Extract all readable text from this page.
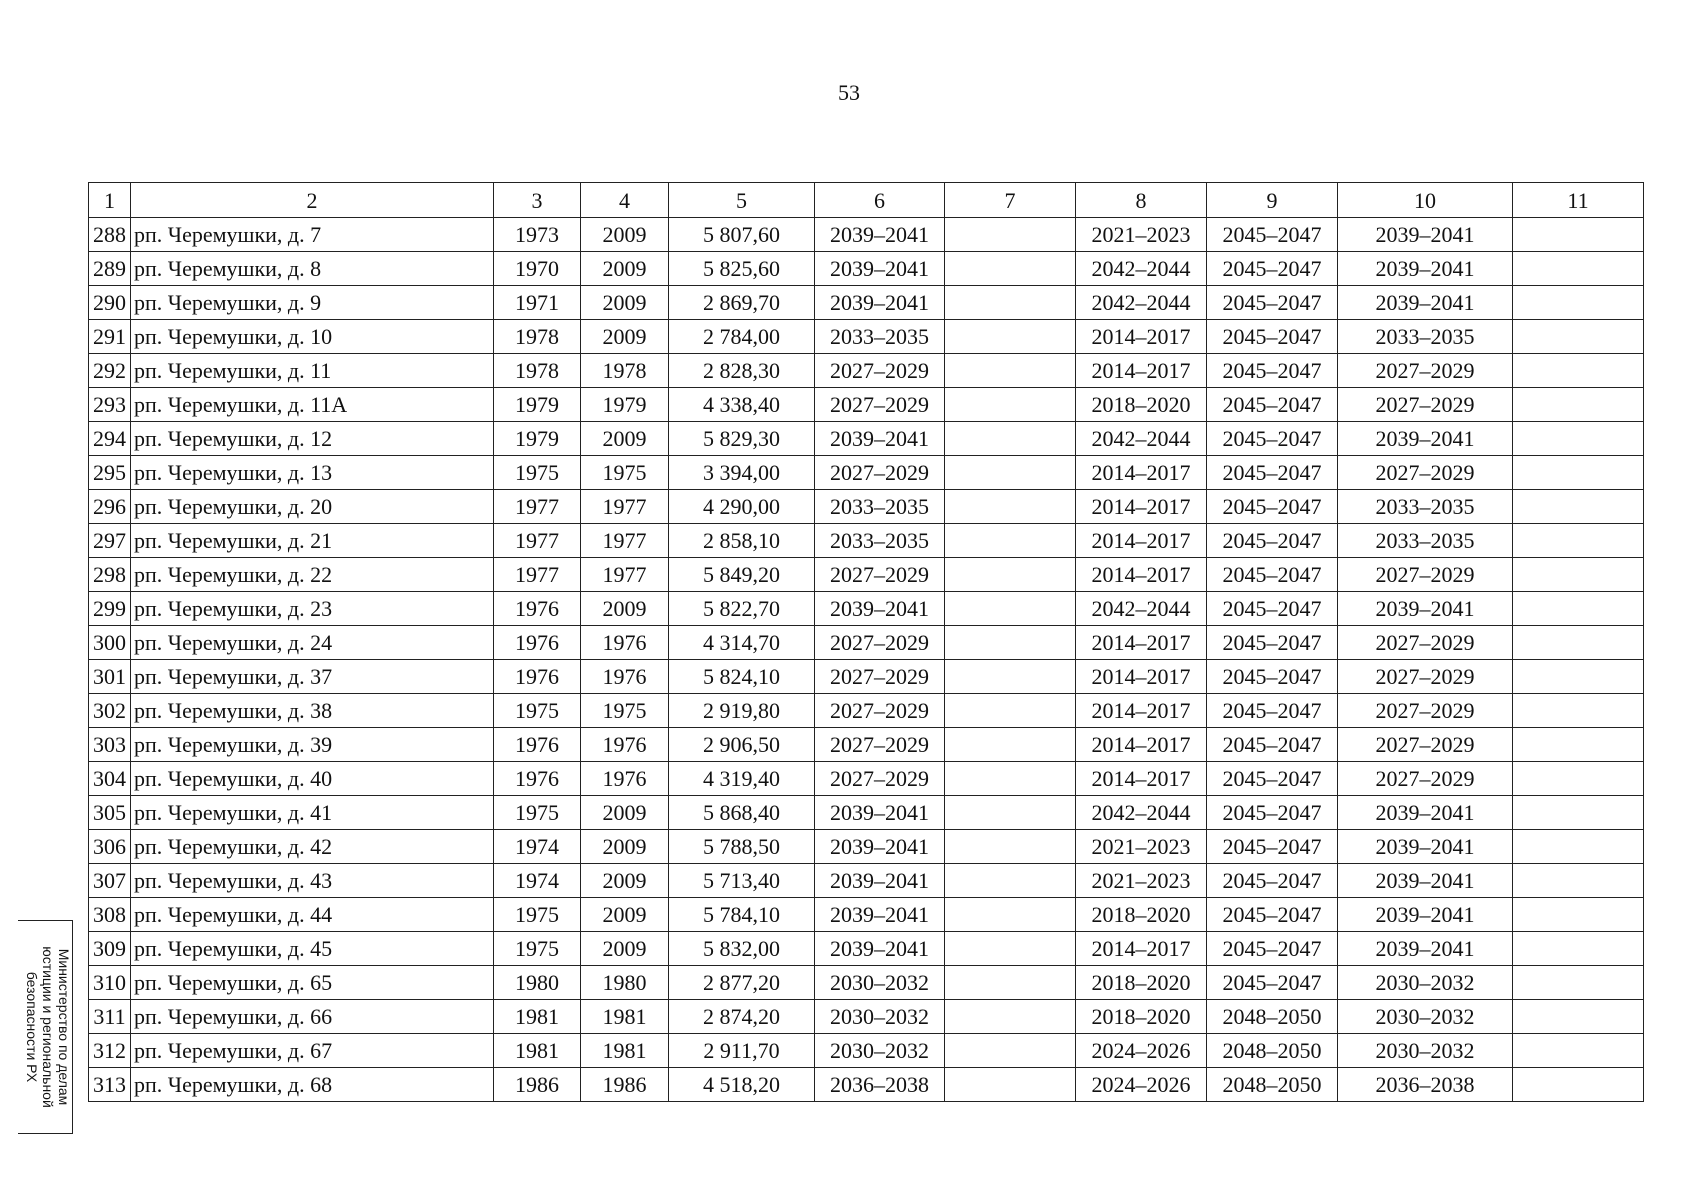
53
1	2	3	4	5	6	7	8	9	10	11
288	рп. Черемушки, д. 7	1973	2009	5 807,60	2039–2041		2021–2023	2045–2047	2039–2041	
289	рп. Черемушки, д. 8	1970	2009	5 825,60	2039–2041		2042–2044	2045–2047	2039–2041	
290	рп. Черемушки, д. 9	1971	2009	2 869,70	2039–2041		2042–2044	2045–2047	2039–2041	
291	рп. Черемушки, д. 10	1978	2009	2 784,00	2033–2035		2014–2017	2045–2047	2033–2035	
292	рп. Черемушки, д. 11	1978	1978	2 828,30	2027–2029		2014–2017	2045–2047	2027–2029	
293	рп. Черемушки, д. 11А	1979	1979	4 338,40	2027–2029		2018–2020	2045–2047	2027–2029	
294	рп. Черемушки, д. 12	1979	2009	5 829,30	2039–2041		2042–2044	2045–2047	2039–2041	
295	рп. Черемушки, д. 13	1975	1975	3 394,00	2027–2029		2014–2017	2045–2047	2027–2029	
296	рп. Черемушки, д. 20	1977	1977	4 290,00	2033–2035		2014–2017	2045–2047	2033–2035	
297	рп. Черемушки, д. 21	1977	1977	2 858,10	2033–2035		2014–2017	2045–2047	2033–2035	
298	рп. Черемушки, д. 22	1977	1977	5 849,20	2027–2029		2014–2017	2045–2047	2027–2029	
299	рп. Черемушки, д. 23	1976	2009	5 822,70	2039–2041		2042–2044	2045–2047	2039–2041	
300	рп. Черемушки, д. 24	1976	1976	4 314,70	2027–2029		2014–2017	2045–2047	2027–2029	
301	рп. Черемушки, д. 37	1976	1976	5 824,10	2027–2029		2014–2017	2045–2047	2027–2029	
302	рп. Черемушки, д. 38	1975	1975	2 919,80	2027–2029		2014–2017	2045–2047	2027–2029	
303	рп. Черемушки, д. 39	1976	1976	2 906,50	2027–2029		2014–2017	2045–2047	2027–2029	
304	рп. Черемушки, д. 40	1976	1976	4 319,40	2027–2029		2014–2017	2045–2047	2027–2029	
305	рп. Черемушки, д. 41	1975	2009	5 868,40	2039–2041		2042–2044	2045–2047	2039–2041	
306	рп. Черемушки, д. 42	1974	2009	5 788,50	2039–2041		2021–2023	2045–2047	2039–2041	
307	рп. Черемушки, д. 43	1974	2009	5 713,40	2039–2041		2021–2023	2045–2047	2039–2041	
308	рп. Черемушки, д. 44	1975	2009	5 784,10	2039–2041		2018–2020	2045–2047	2039–2041	
309	рп. Черемушки, д. 45	1975	2009	5 832,00	2039–2041		2014–2017	2045–2047	2039–2041	
310	рп. Черемушки, д. 65	1980	1980	2 877,20	2030–2032		2018–2020	2045–2047	2030–2032	
311	рп. Черемушки, д. 66	1981	1981	2 874,20	2030–2032		2018–2020	2048–2050	2030–2032	
312	рп. Черемушки, д. 67	1981	1981	2 911,70	2030–2032		2024–2026	2048–2050	2030–2032	
313	рп. Черемушки, д. 68	1986	1986	4 518,20	2036–2038		2024–2026	2048–2050	2036–2038	
Министерство по делам
юстиции и региональной
безопасности РХ
